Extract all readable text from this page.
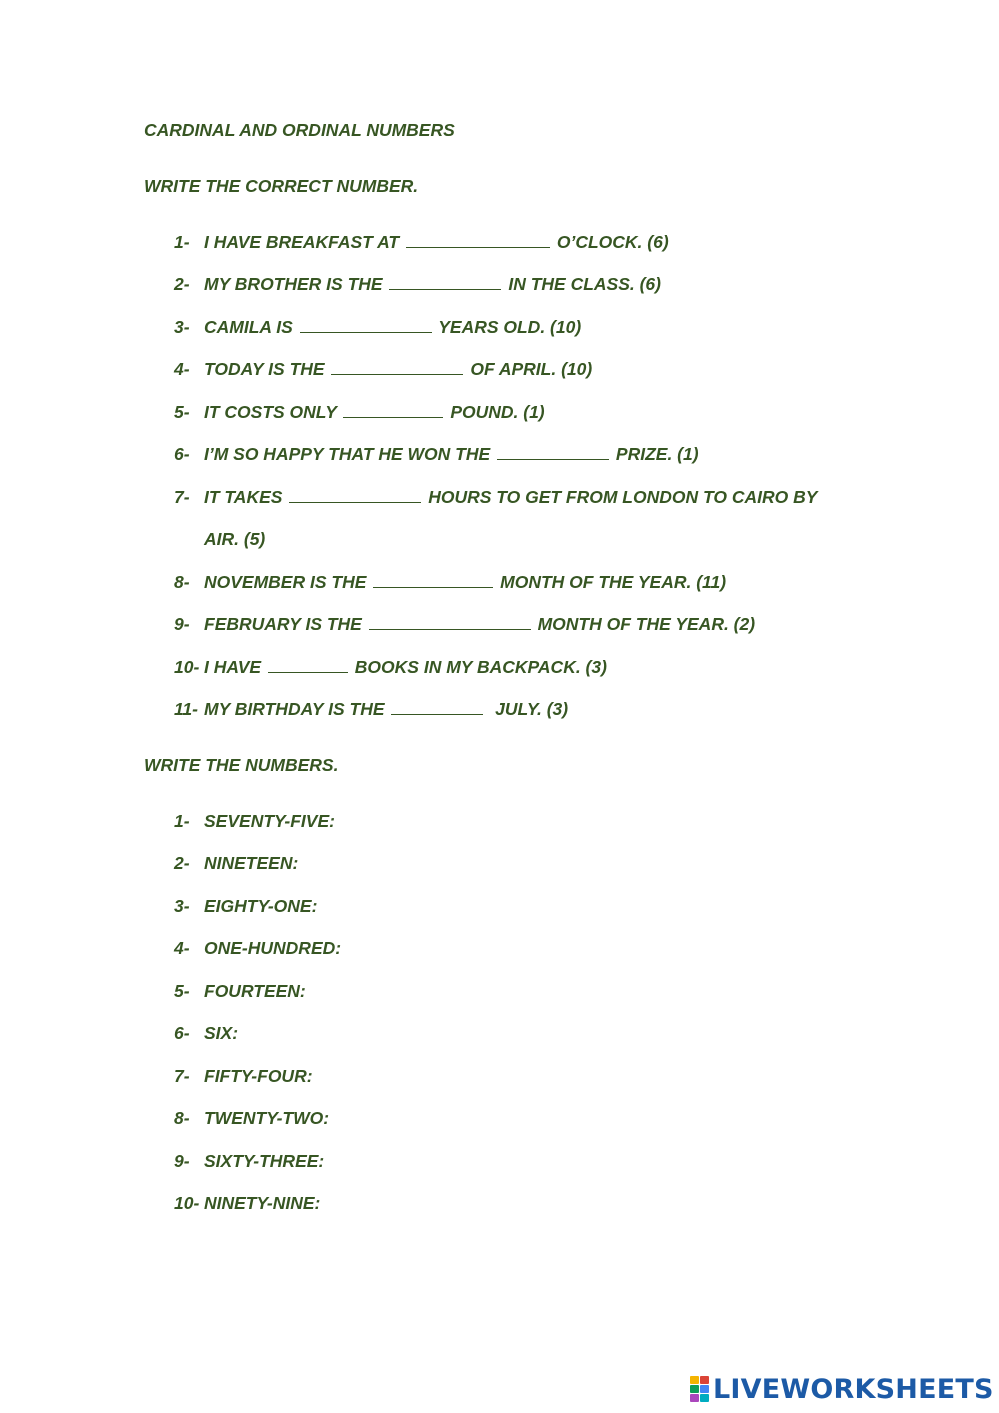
CARDINAL AND ORDINAL NUMBERS
WRITE THE CORRECT NUMBER.
1- I HAVE BREAKFAST AT	O’CLOCK. (6)
2- MY BROTHER IS THE	IN THE CLASS. (6)
3- CAMILA IS	YEARS OLD. (10)
4- TODAY IS THE	OF APRIL. (10)
5- IT COSTS ONLY	POUND. (1)
6- I’M SO HAPPY THAT HE WON THE	PRIZE. (1)
7- IT TAKES	HOURS TO GET FROM LONDON TO CAIRO BY
AIR. (5)
8- NOVEMBER IS THE	MONTH OF THE YEAR. (11)
9- FEBRUARY IS THE	MONTH OF THE YEAR. (2)
10- I HAVE	BOOKS IN MY BACKPACK. (3)
11- MY BIRTHDAY IS THE	JULY. (3)
WRITE THE NUMBERS.
1- SEVENTY-FIVE:
2- NINETEEN:
3- EIGHTY-ONE:
4- ONE-HUNDRED:
5- FOURTEEN:
6- SIX:
7- FIFTY-FOUR:
8- TWENTY-TWO:
9- SIXTY-THREE:
10- NINETY-NINE:
LIVEWORKSHEETS
